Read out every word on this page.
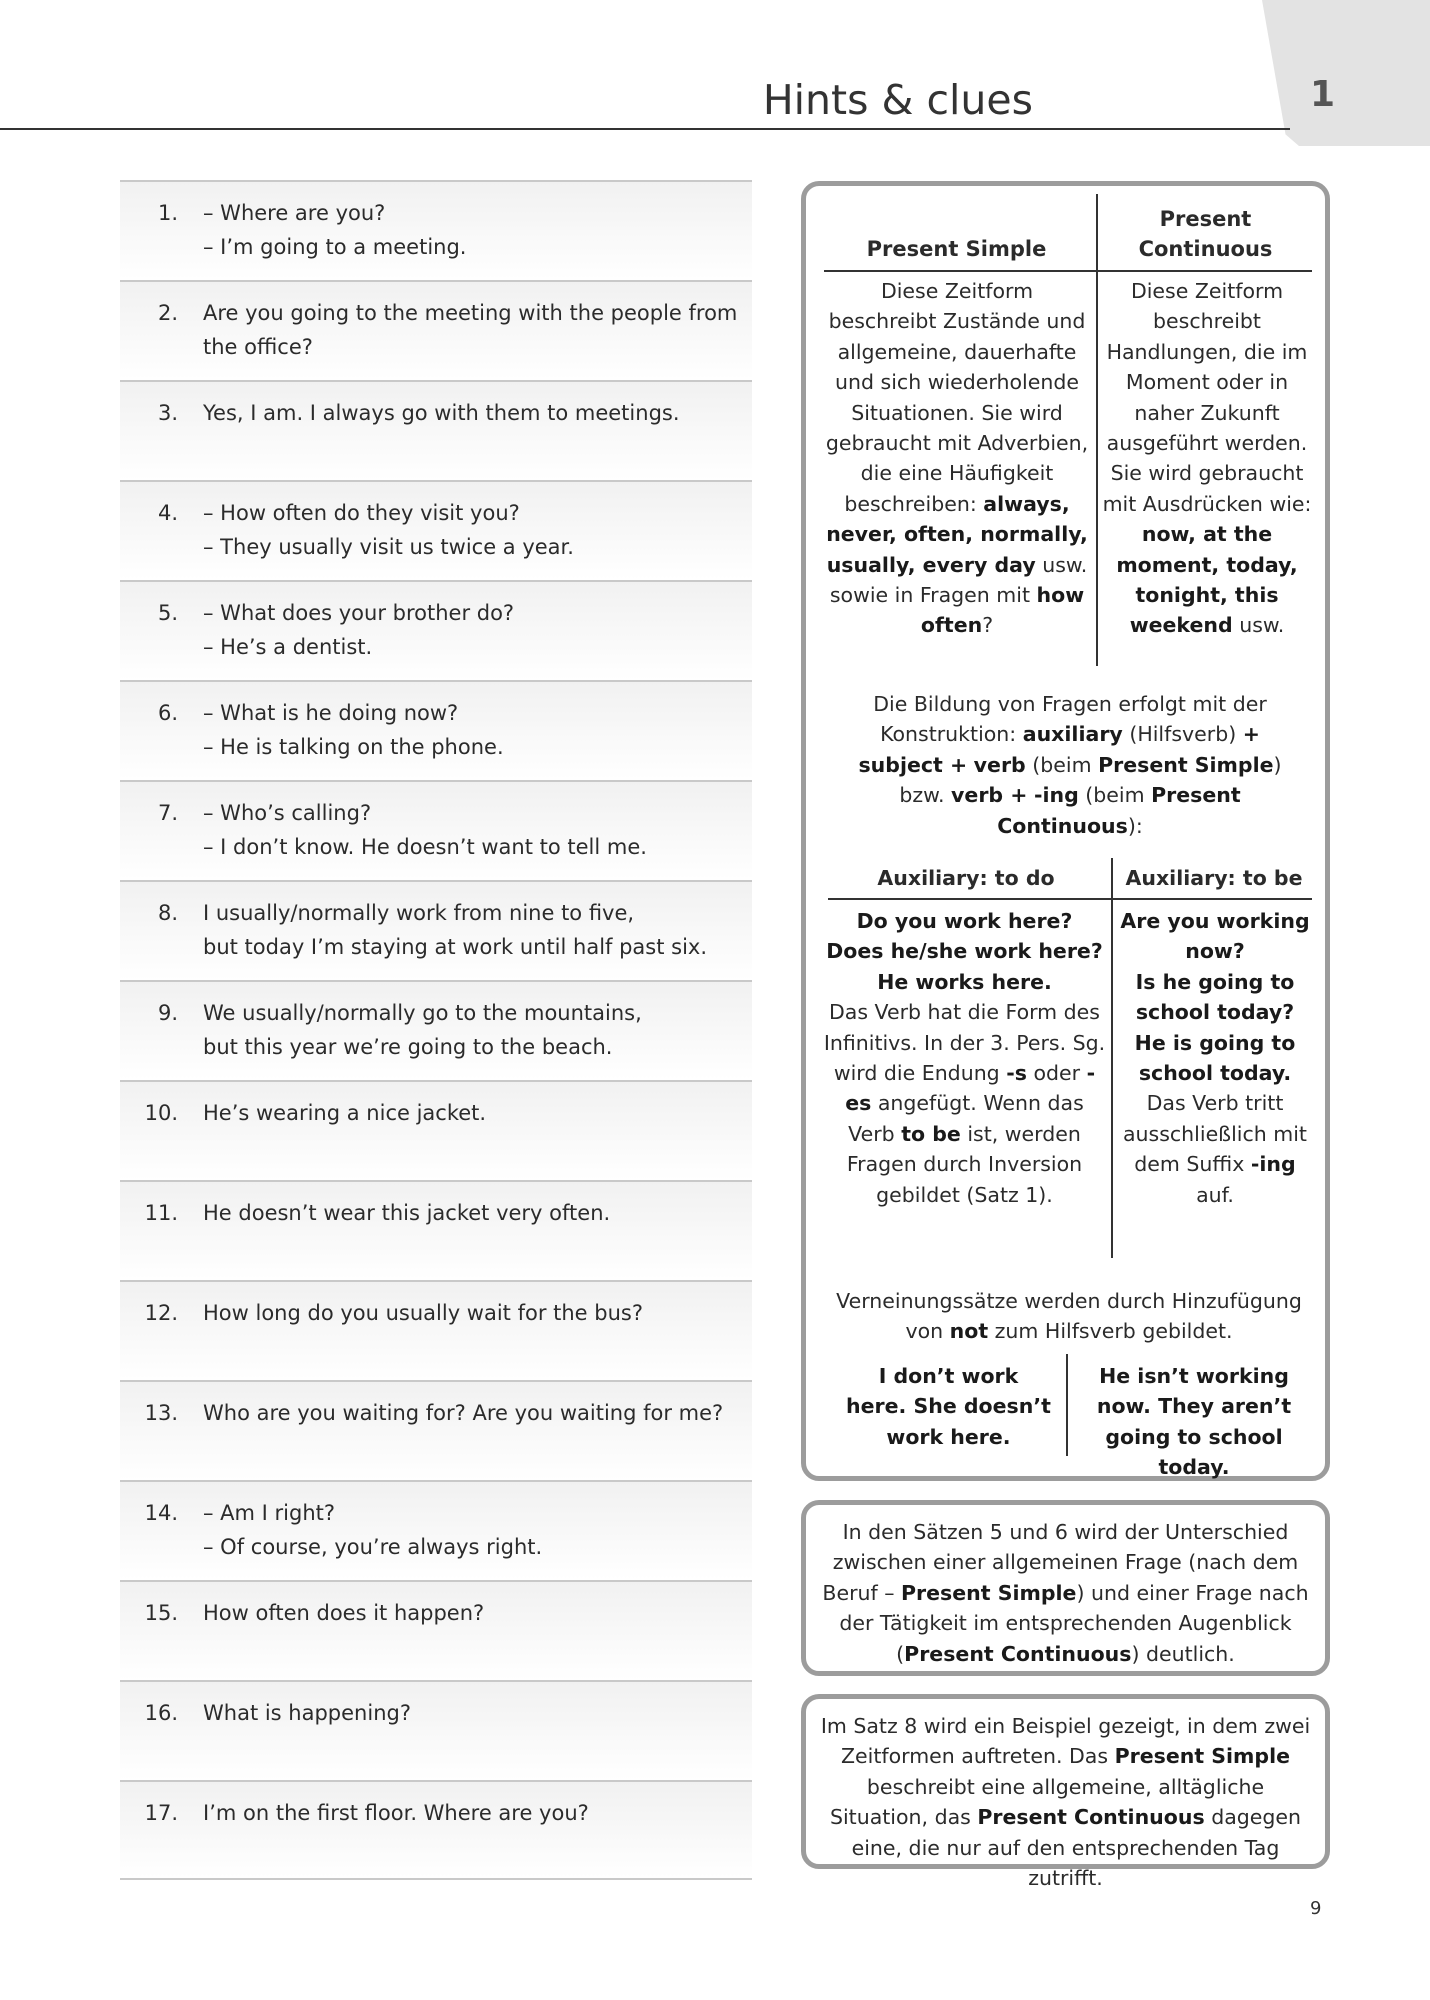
1
Hints & clues
1. – Where are you?
– I’m going to a meeting.
2. Are you going to the meeting with the people from
the office?
3. Yes, I am. I always go with them to meetings.
4. – How often do they visit you?
– They usually visit us twice a year.
5. – What does your brother do?
– He’s a dentist.
6. – What is he doing now?
– He is talking on the phone.
7. – Who’s calling?
– I don’t know. He doesn’t want to tell me.
8. I usually/normally work from nine to five,
but today I’m staying at work until half past six.
9. We usually/normally go to the mountains,
but this year we’re going to the beach.
10. He’s wearing a nice jacket.
11. He doesn’t wear this jacket very often.
12. How long do you usually wait for the bus?
13. Who are you waiting for? Are you waiting for me?
14. – Am I right?
– Of course, you’re always right.
15. How often does it happen?
16. What is happening?
17. I’m on the first floor. Where are you?
Present Simple
Present
Continuous
Diese Zeitform beschreibt Zustände und allgemeine, dauerhafte und sich wiederholende Situationen. Sie wird gebraucht mit Adverbien, die eine Häufigkeit beschreiben: always, never, often, normally, usually, every day usw. sowie in Fragen mit how often?
Diese Zeitform beschreibt Handlungen, die im Moment oder in naher Zukunft ausgeführt werden. Sie wird gebraucht mit Ausdrücken wie: now, at the moment, today, tonight, this weekend usw.
Die Bildung von Fragen erfolgt mit der Konstruktion: auxiliary (Hilfsverb) + subject + verb (beim Present Simple) bzw. verb + -ing (beim Present Continuous):
Auxiliary: to do	Auxiliary: to be
Do you work here?
Does he/she work here?
He works here.
Das Verb hat die Form des Infinitivs. In der 3. Pers. Sg. wird die Endung -s oder -es angefügt. Wenn das Verb to be ist, werden Fragen durch Inversion gebildet (Satz 1).
Are you working now?
Is he going to school today?
He is going to school today.
Das Verb tritt ausschließlich mit dem Suffix -ing auf.
Verneinungssätze werden durch Hinzufügung von not zum Hilfsverb gebildet.
I don’t work here. She doesn’t work here.
He isn’t working now. They aren’t going to school today.
In den Sätzen 5 und 6 wird der Unterschied zwischen einer allgemeinen Frage (nach dem Beruf – Present Simple) und einer Frage nach der Tätigkeit im entsprechenden Augenblick (Present Continuous) deutlich.
Im Satz 8 wird ein Beispiel gezeigt, in dem zwei Zeitformen auftreten. Das Present Simple beschreibt eine allgemeine, alltägliche Situation, das Present Continuous dagegen eine, die nur auf den entsprechenden Tag zutrifft.
9
